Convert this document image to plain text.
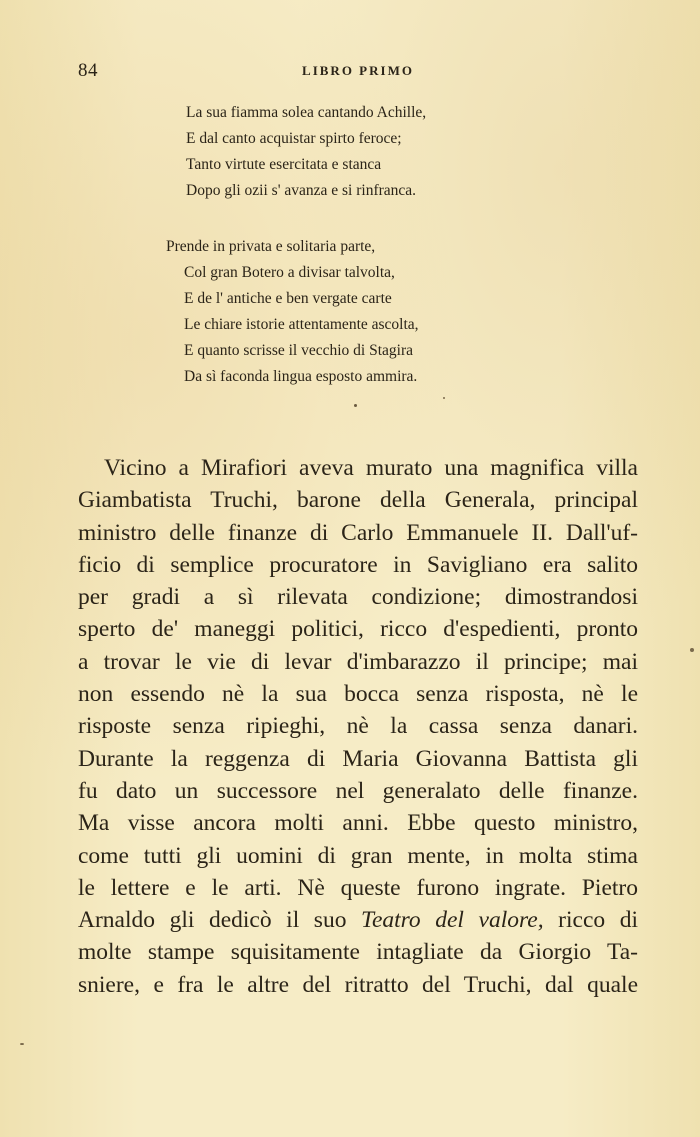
84	LIBRO PRIMO
La sua fiamma solea cantando Achille,
E dal canto acquistar spirto feroce;
Tanto virtute esercitata e stanca
Dopo gli ozii s' avanza e si rinfranca.
Prende in privata e solitaria parte,
Col gran Botero a divisar talvolta,
E de l' antiche e ben vergate carte
Le chiare istorie attentamente ascolta,
E quanto scrisse il vecchio di Stagira
Da sì faconda lingua esposto ammira.
Vicino a Mirafiori aveva murato una magnifica villa
Giambatista Truchi, barone della Generala, principal
ministro delle finanze di Carlo Emmanuele II. Dall'uf-
ficio di semplice procuratore in Savigliano era salito
per gradi a sì rilevata condizione; dimostrandosi
sperto de' maneggi politici, ricco d'espedienti, pronto
a trovar le vie di levar d'imbarazzo il principe; mai
non essendo nè la sua bocca senza risposta, nè le
risposte senza ripieghi, nè la cassa senza danari.
Durante la reggenza di Maria Giovanna Battista gli
fu dato un successore nel generalato delle finanze.
Ma visse ancora molti anni. Ebbe questo ministro,
come tutti gli uomini di gran mente, in molta stima
le lettere e le arti. Nè queste furono ingrate. Pietro
Arnaldo gli dedicò il suo Teatro del valore, ricco di
molte stampe squisitamente intagliate da Giorgio Ta-
sniere, e fra le altre del ritratto del Truchi, dal quale
